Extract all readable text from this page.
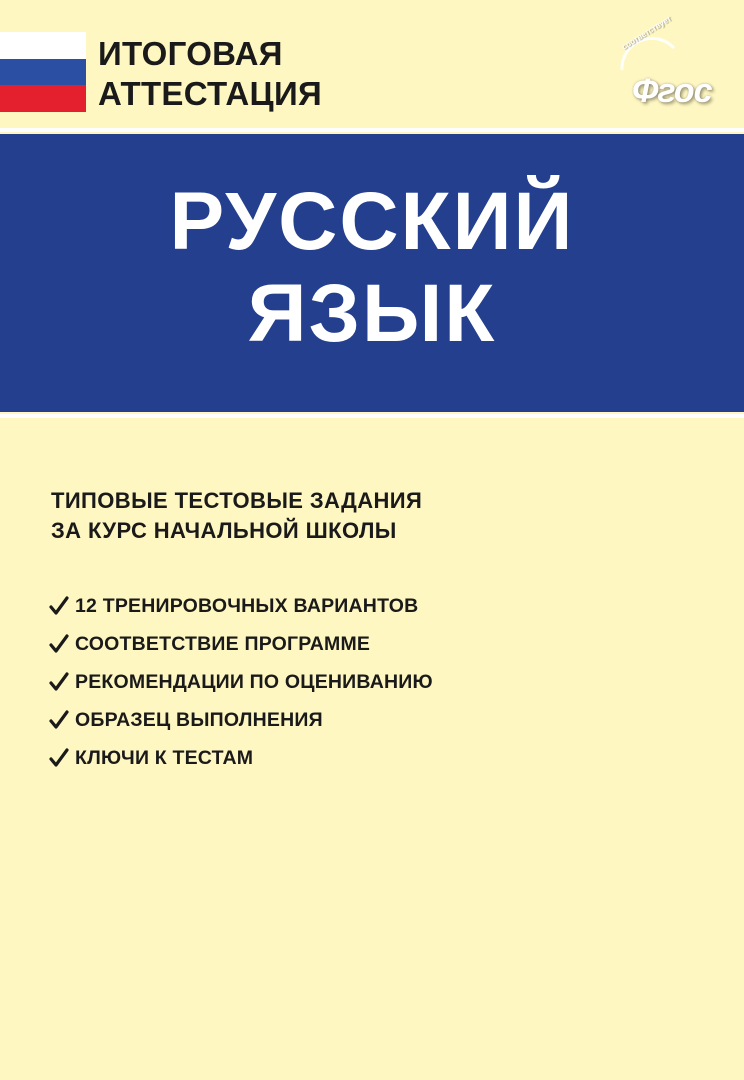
ИТОГОВАЯ
АТТЕСТАЦИЯ
соответствует
Фгос
РУССКИЙ
ЯЗЫК
ТИПОВЫЕ ТЕСТОВЫЕ ЗАДАНИЯ
ЗА КУРС НАЧАЛЬНОЙ ШКОЛЫ
12 ТРЕНИРОВОЧНЫХ ВАРИАНТОВ
СООТВЕТСТВИЕ ПРОГРАММЕ
РЕКОМЕНДАЦИИ ПО ОЦЕНИВАНИЮ
ОБРАЗЕЦ ВЫПОЛНЕНИЯ
КЛЮЧИ К ТЕСТАМ
